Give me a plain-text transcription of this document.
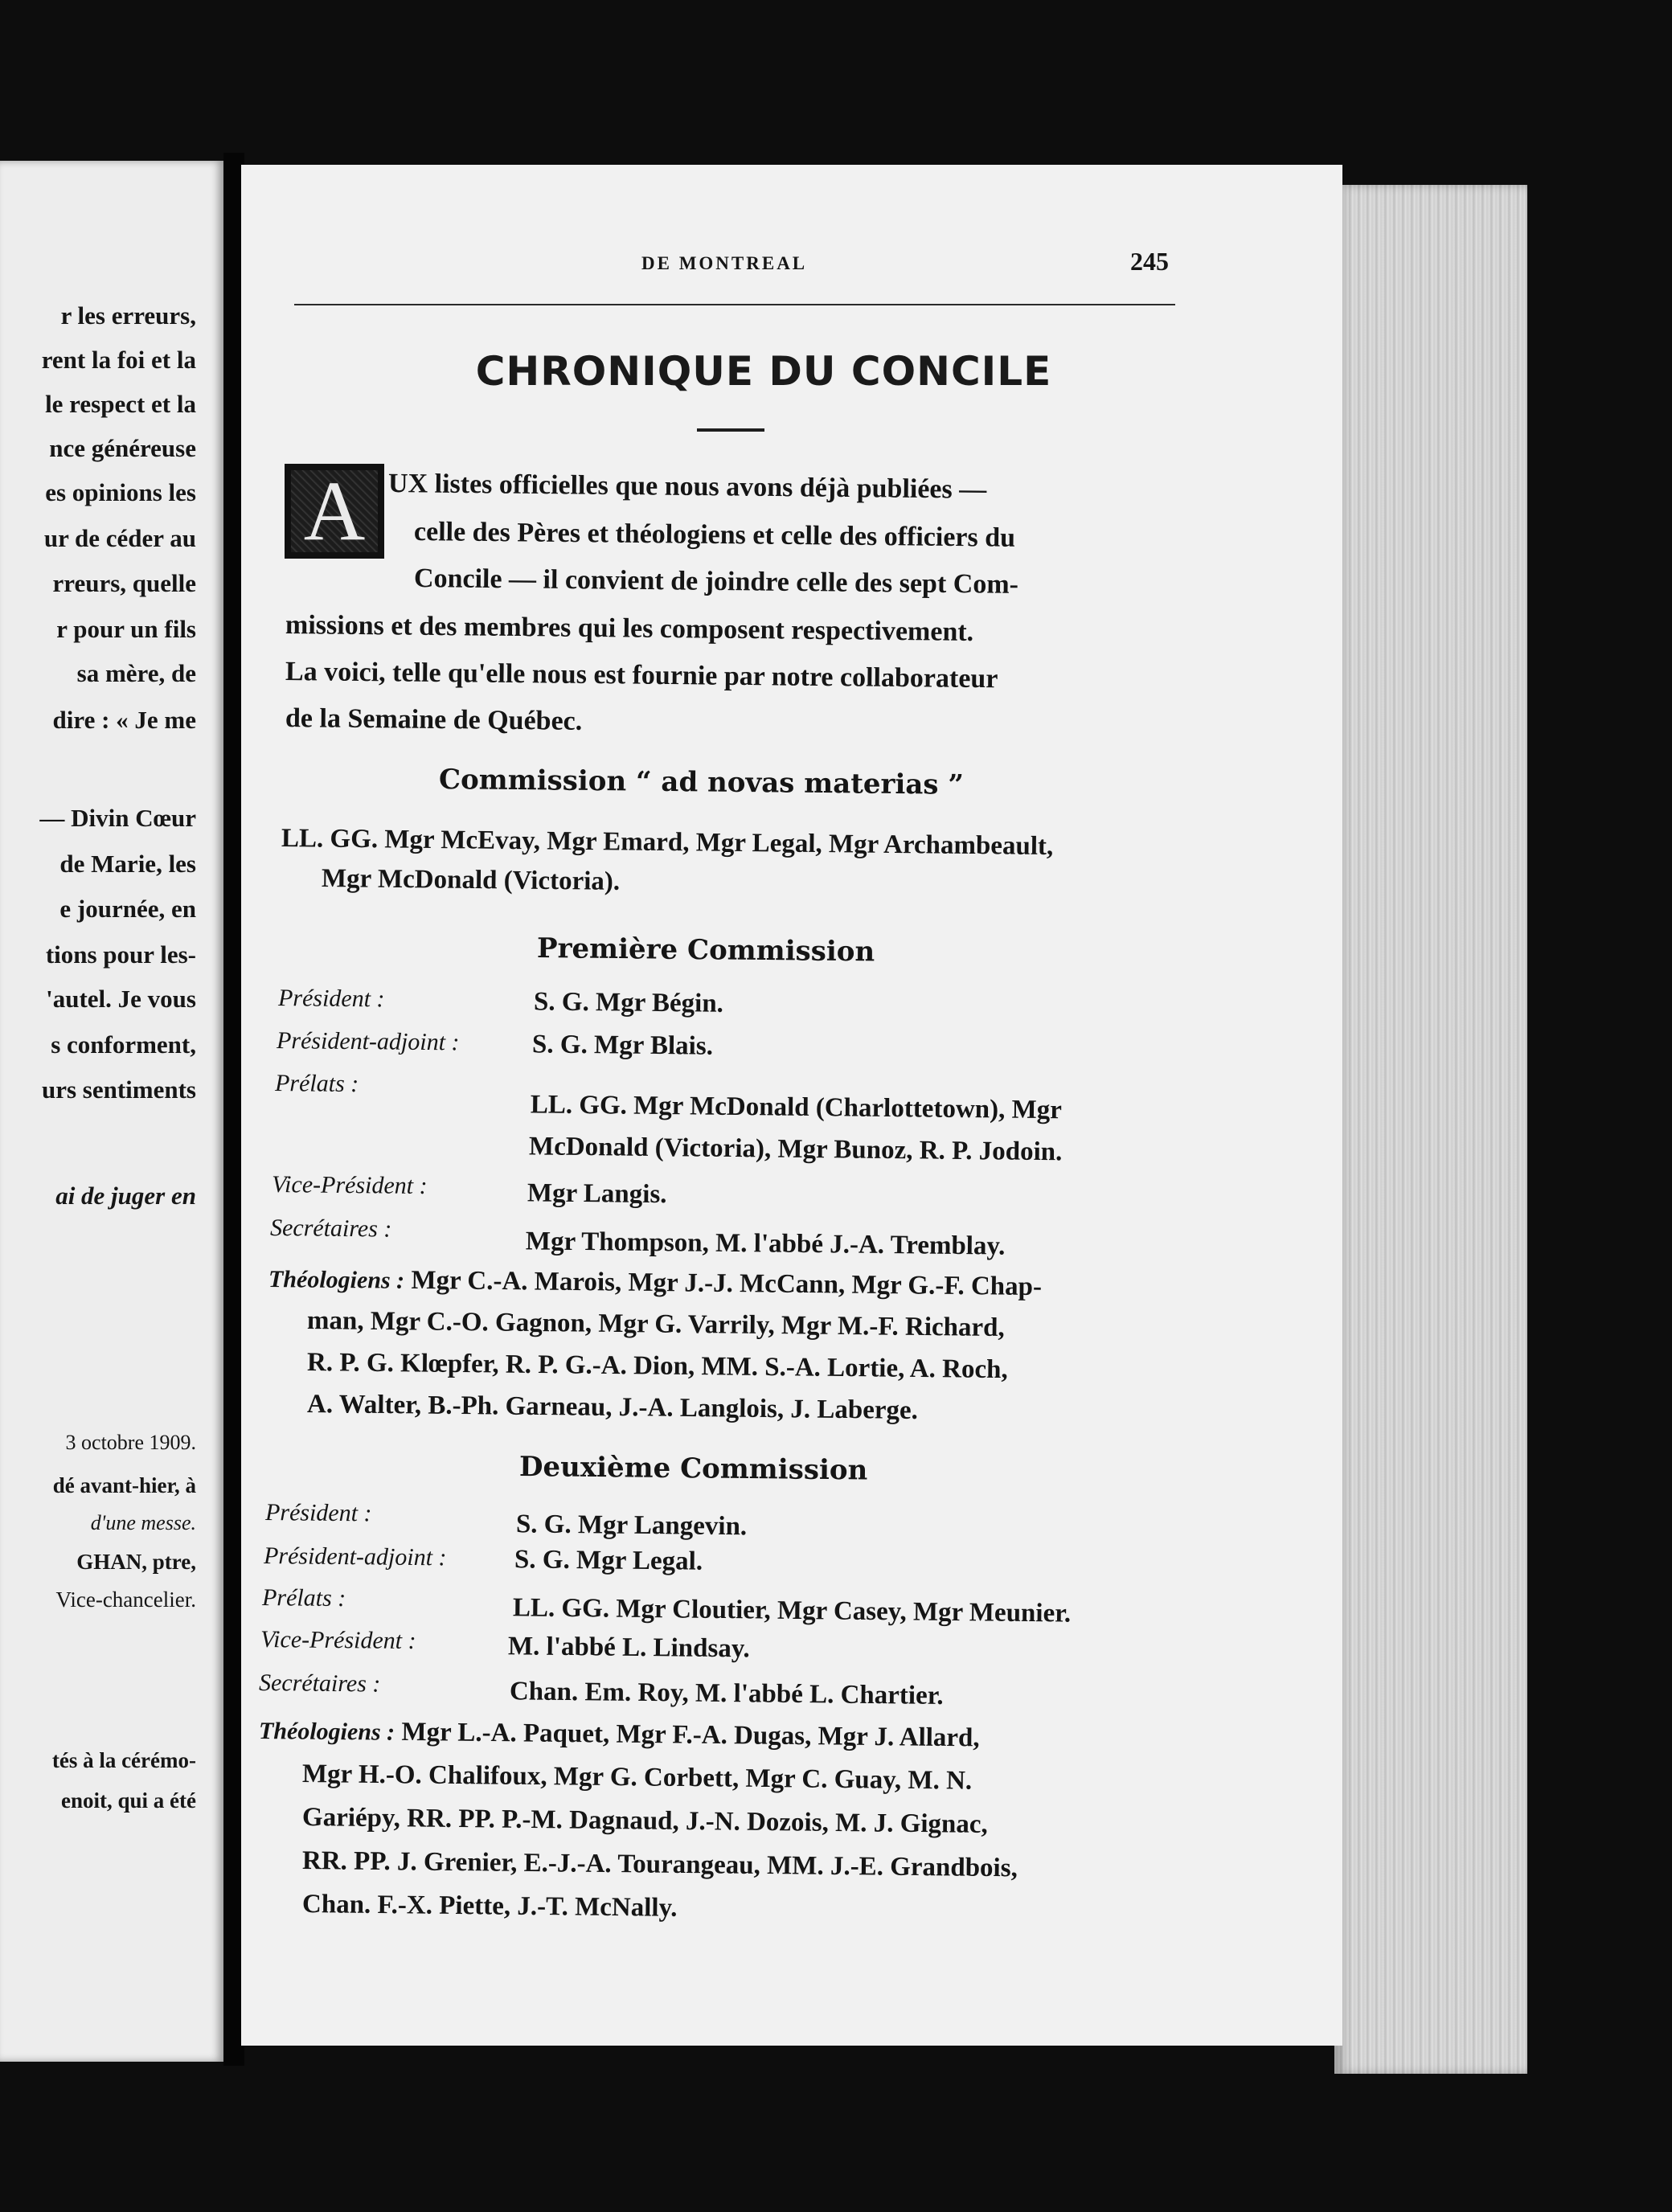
r les erreurs,
rent la foi et la
le respect et la
nce généreuse
es opinions les
ur de céder au
rreurs, quelle
r pour un fils
sa mère, de
dire : « Je me
— Divin Cœur
de Marie, les
e journée, en
tions pour les-
'autel. Je vous
s conforment,
urs sentiments
ai de juger en
3 octobre 1909.
dé avant-hier, à
d'une messe.
GHAN, ptre,
Vice-chancelier.
tés à la cérémo-
enoit, qui a été
DE MONTREAL	245
CHRONIQUE DU CONCILE
A UX listes officielles que nous avons déjà publiées —
celle des Pères et théologiens et celle des officiers du
Concile — il convient de joindre celle des sept Com-
missions et des membres qui les composent respectivement.
La voici, telle qu'elle nous est fournie par notre collaborateur
de la Semaine de Québec.
Commission “ ad novas materias ”
LL. GG. Mgr McEvay, Mgr Emard, Mgr Legal, Mgr Archambeault,
Mgr McDonald (Victoria).
Première Commission
Président :	S. G. Mgr Bégin.
Président-adjoint :	S. G. Mgr Blais.
Prélats :
LL. GG. Mgr McDonald (Charlottetown), Mgr
McDonald (Victoria), Mgr Bunoz, R. P. Jodoin.
Vice-Président :	Mgr Langis.
Secrétaires :	Mgr Thompson, M. l'abbé J.-A. Tremblay.
Théologiens : Mgr C.-A. Marois, Mgr J.-J. McCann, Mgr G.-F. Chap-
man, Mgr C.-O. Gagnon, Mgr G. Varrily, Mgr M.-F. Richard,
R. P. G. Klœpfer, R. P. G.-A. Dion, MM. S.-A. Lortie, A. Roch,
A. Walter, B.-Ph. Garneau, J.-A. Langlois, J. Laberge.
Deuxième Commission
Président :	S. G. Mgr Langevin.
Président-adjoint :	S. G. Mgr Legal.
Prélats :	LL. GG. Mgr Cloutier, Mgr Casey, Mgr Meunier.
Vice-Président :	M. l'abbé L. Lindsay.
Secrétaires :	Chan. Em. Roy, M. l'abbé L. Chartier.
Théologiens : Mgr L.-A. Paquet, Mgr F.-A. Dugas, Mgr J. Allard,
Mgr H.-O. Chalifoux, Mgr G. Corbett, Mgr C. Guay, M. N.
Gariépy, RR. PP. P.-M. Dagnaud, J.-N. Dozois, M. J. Gignac,
RR. PP. J. Grenier, E.-J.-A. Tourangeau, MM. J.-E. Grandbois,
Chan. F.-X. Piette, J.-T. McNally.
